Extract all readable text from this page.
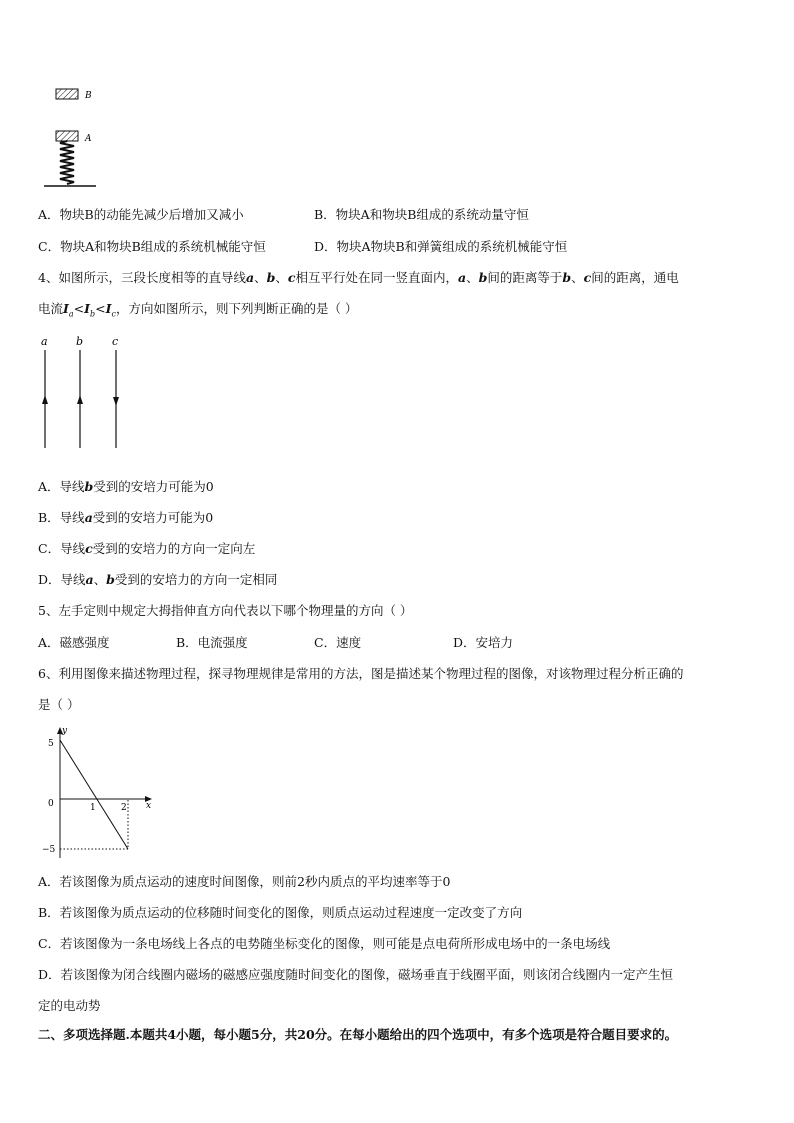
B
A
A．物块B的动能先减少后增加又减小	B．物块A和物块B组成的系统动量守恒
C．物块A和物块B组成的系统机械能守恒	D．物块A物块B和弹簧组成的系统机械能守恒
4、如图所示，三段长度相等的直导线a、b、c相互平行处在同一竖直面内，a、b间的距离等于b、c间的距离，通电
电流$I_a<I_b<I_c$，方向如图所示，则下列判断正确的是（ ）
a	b	c
A．导线b受到的安培力可能为0
B．导线a受到的安培力可能为0
C．导线c受到的安培力的方向一定向左
D．导线a、b受到的安培力的方向一定相同
5、左手定则中规定大拇指伸直方向代表以下哪个物理量的方向（ ）
A．磁感强度	B．电流强度	C．速度	D．安培力
6、利用图像来描述物理过程，探寻物理规律是常用的方法，图是描述某个物理过程的图像，对该物理过程分析正确的
是（ ）
y
x
5
0
−5
1	2
A．若该图像为质点运动的速度时间图像，则前2秒内质点的平均速率等于0
B．若该图像为质点运动的位移随时间变化的图像，则质点运动过程速度一定改变了方向
C．若该图像为一条电场线上各点的电势随坐标变化的图像，则可能是点电荷所形成电场中的一条电场线
D．若该图像为闭合线圈内磁场的磁感应强度随时间变化的图像，磁场垂直于线圈平面，则该闭合线圈内一定产生恒
定的电动势
二、多项选择题.本题共4小题，每小题5分，共20分。在每小题给出的四个选项中，有多个选项是符合题目要求的。
